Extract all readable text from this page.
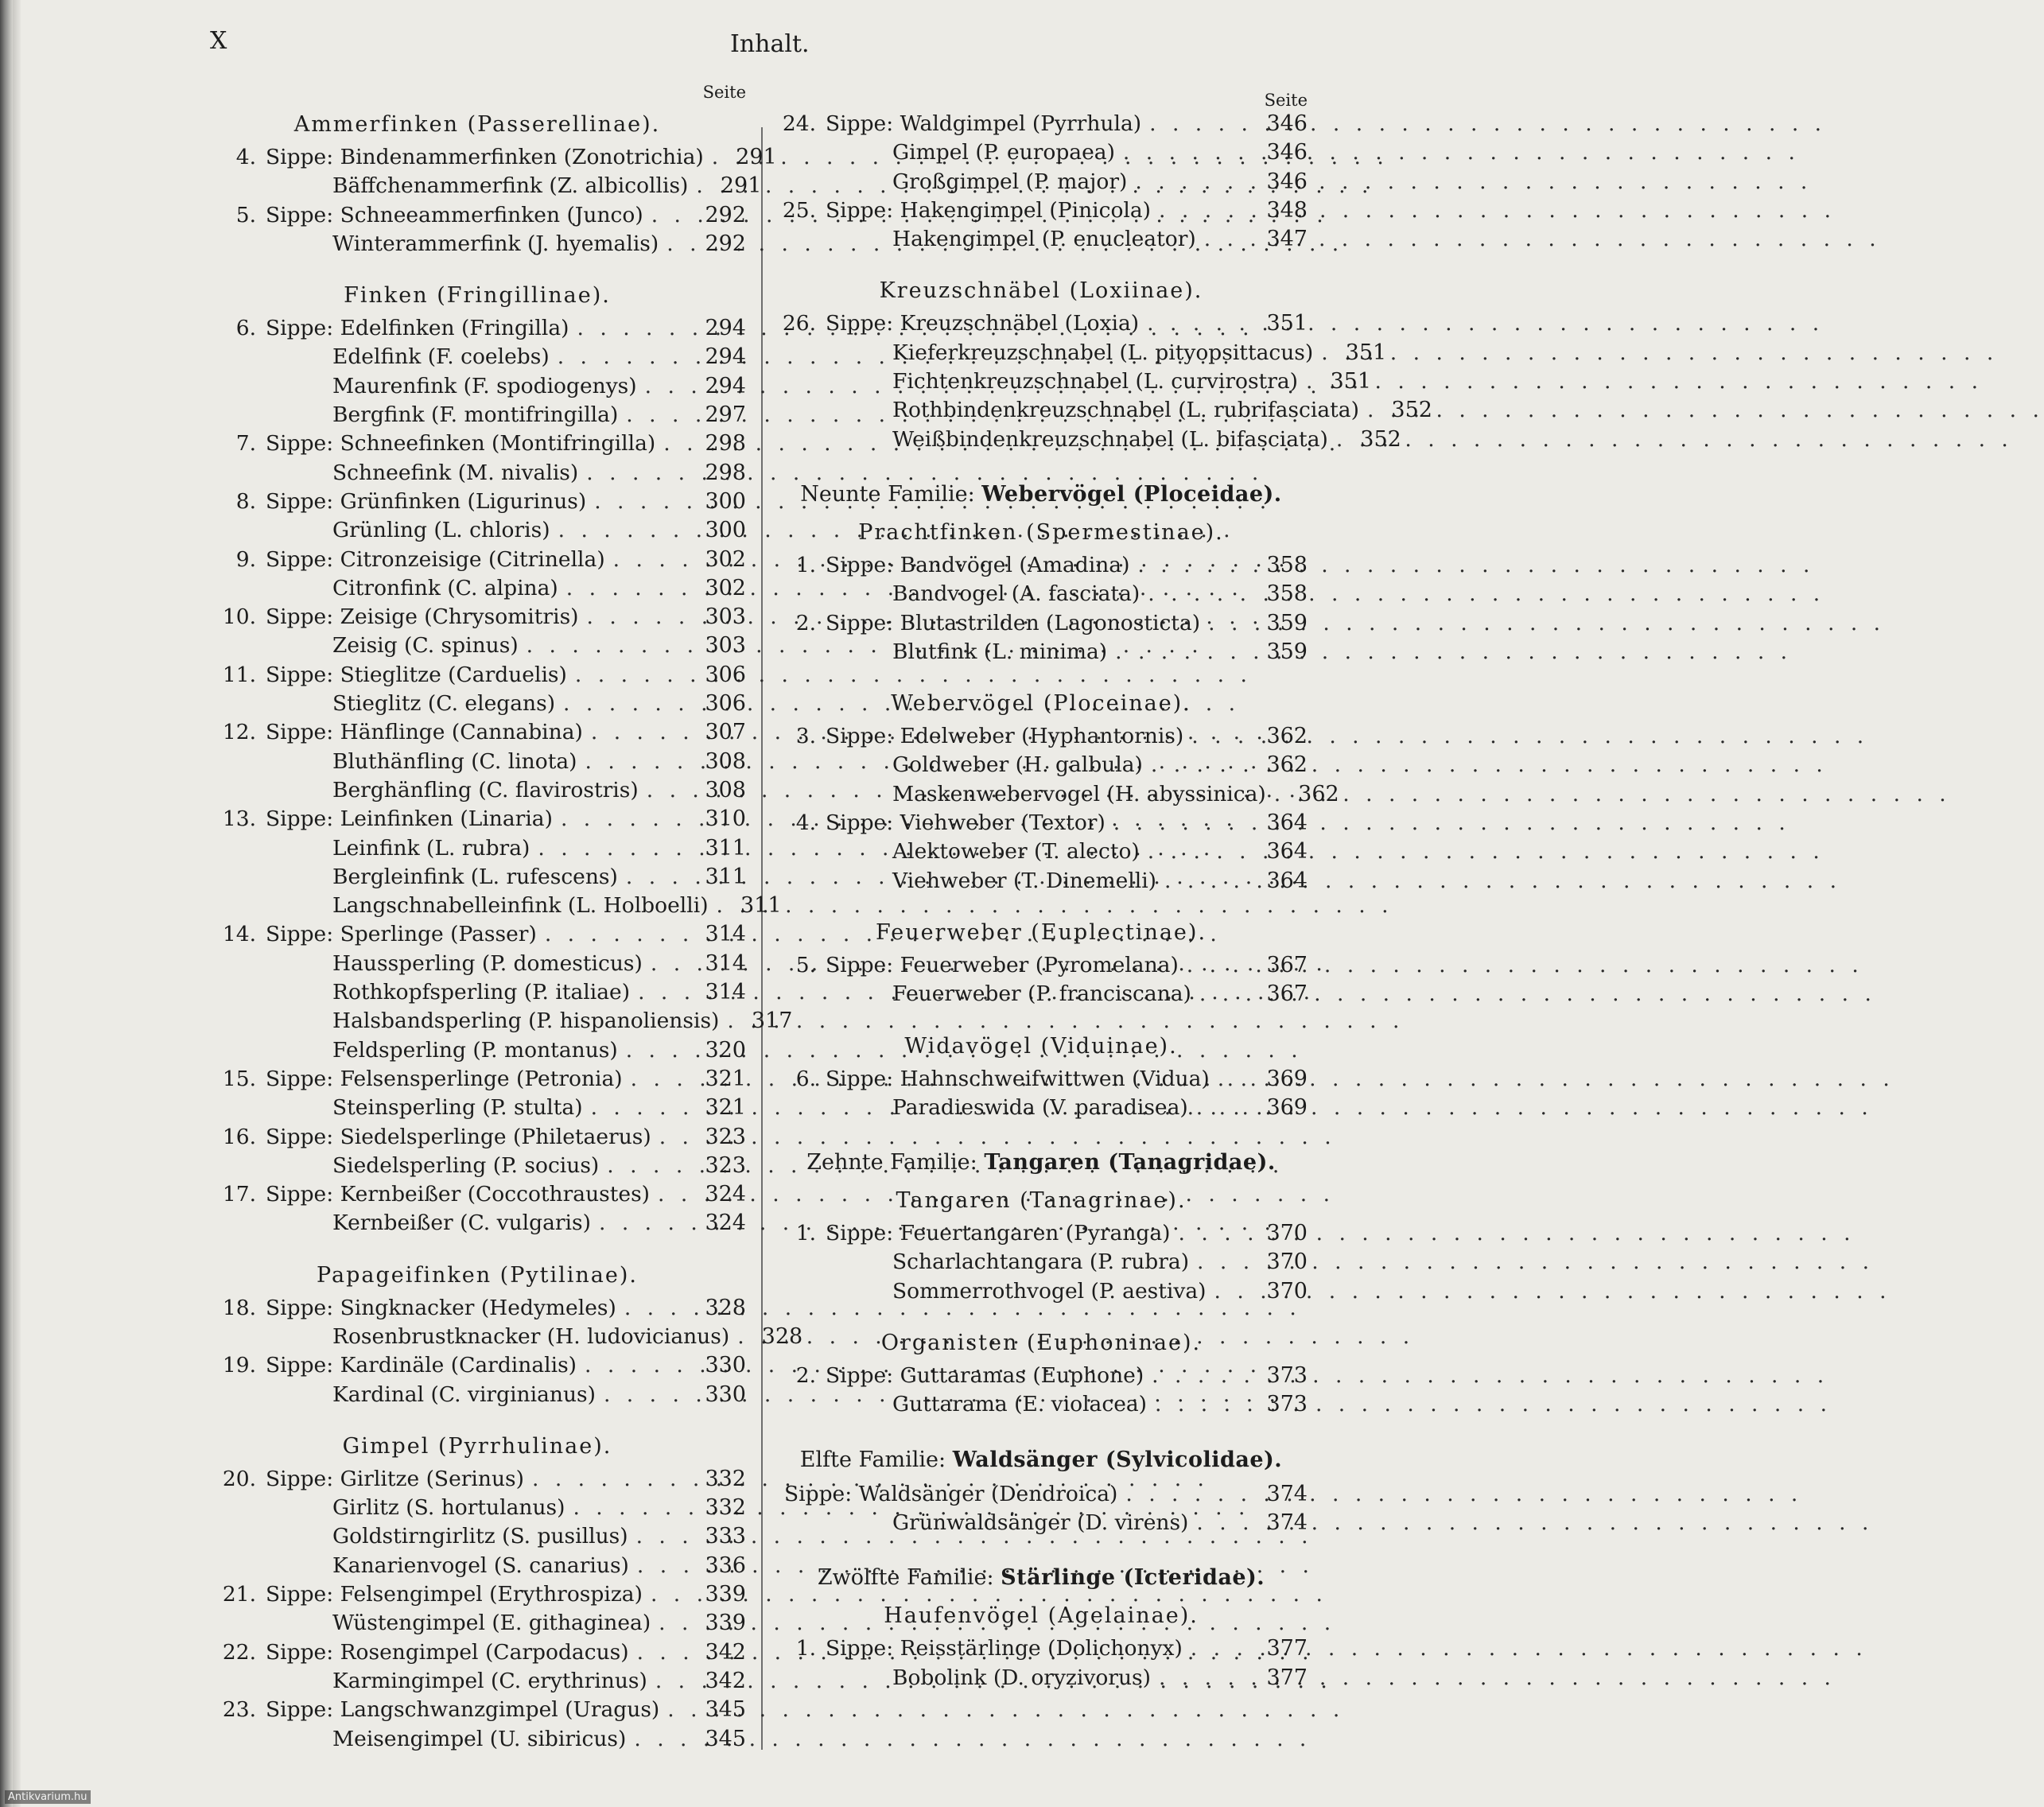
X	Inhalt.
Seite
Ammerfinken (Passerellinae).
4. Sippe: Bindenammerfinken (Zonotrichia) . . .	291
Bäffchenammerfink (Z. albicollis) . . .	291
5. Sippe: Schneeammerfinken (Junco) . . .	292
Winterammerfink (J. hyemalis) . . .	292
Finken (Fringillinae).
6. Sippe: Edelfinken (Fringilla) . . .	294
Edelfink (F. coelebs) . . .	294
Maurenfink (F. spodiogenys) . . .	294
Bergfink (F. montifringilla) . . .	297
7. Sippe: Schneefinken (Montifringilla) . . .	298
Schneefink (M. nivalis) . . .	298
8. Sippe: Grünfinken (Ligurinus) . . .	300
Grünling (L. chloris) . . .	300
9. Sippe: Citronzeisige (Citrinella) . . .	302
Citronfink (C. alpina) . . .	302
10. Sippe: Zeisige (Chrysomitris) . . .	303
Zeisig (C. spinus) . . .	303
11. Sippe: Stieglitze (Carduelis) . . .	306
Stieglitz (C. elegans) . . .	306
12. Sippe: Hänflinge (Cannabina) . . .	307
Bluthänfling (C. linota) . . .	308
Berghänfling (C. flavirostris) . . .	308
13. Sippe: Leinfinken (Linaria) . . .	310
Leinfink (L. rubra) . . .	311
Bergleinfink (L. rufescens) . . .	311
Langschnabelleinfink (L. Holboelli) . . .	311
14. Sippe: Sperlinge (Passer) . . .	314
Haussperling (P. domesticus) . . .	314
Rothkopfsperling (P. italiae) . . .	314
Halsbandsperling (P. hispanoliensis) . . .	317
Feldsperling (P. montanus) . . .	320
15. Sippe: Felsensperlinge (Petronia) . . .	321
Steinsperling (P. stulta) . . .	321
16. Sippe: Siedelsperlinge (Philetaerus) . . .	323
Siedelsperling (P. socius) . . .	323
17. Sippe: Kernbeißer (Coccothraustes) . . .	324
Kernbeißer (C. vulgaris) . . .	324
Papageifinken (Pytilinae).
18. Sippe: Singknacker (Hedymeles) . . .	328
Rosenbrustknacker (H. ludovicianus) . . .	328
19. Sippe: Kardinäle (Cardinalis) . . .	330
Kardinal (C. virginianus) . . .	330
Gimpel (Pyrrhulinae).
20. Sippe: Girlitze (Serinus) . . .	332
Girlitz (S. hortulanus) . . .	332
Goldstirngirlitz (S. pusillus) . . .	333
Kanarienvogel (S. canarius) . . .	336
21. Sippe: Felsengimpel (Erythrospiza) . . .	339
Wüstengimpel (E. githaginea) . . .	339
22. Sippe: Rosengimpel (Carpodacus) . . .	342
Karmingimpel (C. erythrinus) . . .	342
23. Sippe: Langschwanzgimpel (Uragus) . . .	345
Meisengimpel (U. sibiricus) . . .	345
Seite
24. Sippe: Waldgimpel (Pyrrhula) . . .	346
Gimpel (P. europaea) . . .	346
Großgimpel (P. major) . . .	346
25. Sippe: Hakengimpel (Pinicola) . . .	348
Hakengimpel (P. enucleator) . . .	347
Kreuzschnäbel (Loxiinae).
26. Sippe: Kreuzschnäbel (Loxia) . . .	351
Kieferkreuzschnabel (L. pityopsittacus) . . .	351
Fichtenkreuzschnabel (L. curvirostra) . . .	351
Rothbindenkreuzschnabel (L. rubrifasciata) . . .	352
Weißbindenkreuzschnabel (L. bifasciata) . . .	352
Neunte Familie: Webervögel (Ploceidae).
Prachtfinken (Spermestinae).
1. Sippe: Bandvögel (Amadina) . . .	358
Bandvogel (A. fasciata) . . .	358
2. Sippe: Blutastrilden (Lagonosticta) . . .	359
Blutfink (L. minima) . . .	359
Webervögel (Ploceinae).
3. Sippe: Edelweber (Hyphantornis) . . .	362
Goldweber (H. galbula) . . .	362
Maskenwebervogel (H. abyssinica) . . .	362
4. Sippe: Viehweber (Textor) . . .	364
Alektoweber (T. alecto) . . .	364
Viehweber (T. Dinemelli) . . .	364
Feuerweber (Euplectinae).
5. Sippe: Feuerweber (Pyromelana) . . .	367
Feuerweber (P. franciscana) . . .	367
Widavögel (Viduinae).
6. Sippe: Hahnschweifwittwen (Vidua) . . .	369
Paradieswida (V. paradisea) . . .	369
Zehnte Familie: Tangaren (Tanagridae).
Tangaren (Tanagrinae).
1. Sippe: Feuertangaren (Pyranga) . . .	370
Scharlachtangara (P. rubra) . . .	370
Sommerrothvogel (P. aestiva) . . .	370
Organisten (Euphoninae).
2. Sippe: Guttaramas (Euphone) . . .	373
Guttarama (E. violacea) . . .	373
Elfte Familie: Waldsänger (Sylvicolidae).
Sippe: Waldsänger (Dendroica) . . .	374
Grünwaldsänger (D. virens) . . .	374
Zwölfte Familie: Stärlinge (Icteridae).
Haufenvögel (Agelainae).
1. Sippe: Reisstärlinge (Dolichonyx) . . .	377
Bobolink (D. oryzivorus) . . .	377
Antikvarium.hu
